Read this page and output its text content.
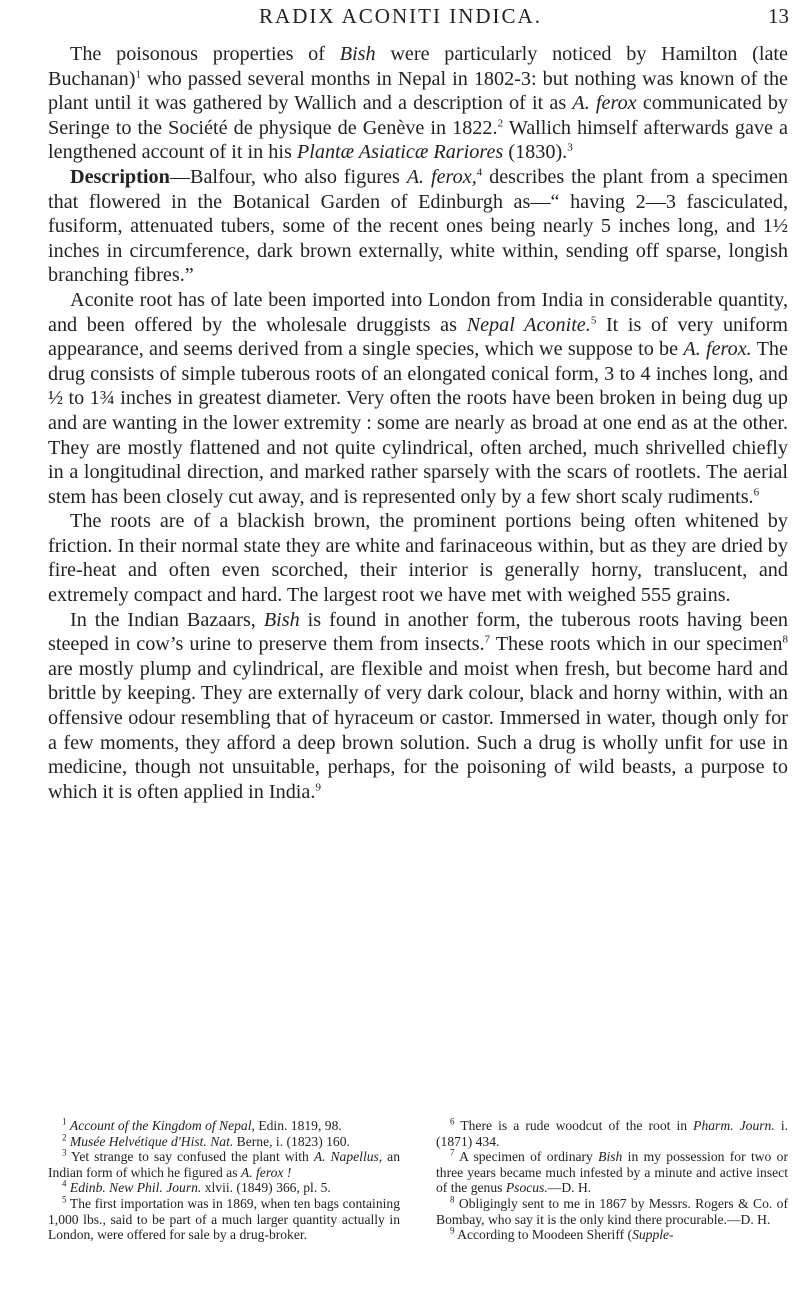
RADIX ACONITI INDICA.	13

The poisonous properties of Bish were particularly noticed by Hamilton (late Buchanan)$^1$ who passed several months in Nepal in 1802-3: but nothing was known of the plant until it was gathered by Wallich and a description of it as A. ferox communicated by Seringe to the Société de physique de Genève in 1822.$^2$ Wallich himself afterwards gave a lengthened account of it in his Plantæ Asiaticæ Rariores (1830).$^3$

Description—Balfour, who also figures A. ferox,$^4$ describes the plant from a specimen that flowered in the Botanical Garden of Edinburgh as—“ having 2—3 fasciculated, fusiform, attenuated tubers, some of the recent ones being nearly 5 inches long, and 1½ inches in circumference, dark brown externally, white within, sending off sparse, longish branching fibres.”

Aconite root has of late been imported into London from India in considerable quantity, and been offered by the wholesale druggists as Nepal Aconite.$^5$ It is of very uniform appearance, and seems derived from a single species, which we suppose to be A. ferox. The drug consists of simple tuberous roots of an elongated conical form, 3 to 4 inches long, and ½ to 1¾ inches in greatest diameter. Very often the roots have been broken in being dug up and are wanting in the lower extremity : some are nearly as broad at one end as at the other. They are mostly flattened and not quite cylindrical, often arched, much shrivelled chiefly in a longitudinal direction, and marked rather sparsely with the scars of rootlets. The aerial stem has been closely cut away, and is represented only by a few short scaly rudiments.$^6$

The roots are of a blackish brown, the prominent portions being often whitened by friction. In their normal state they are white and farinaceous within, but as they are dried by fire-heat and often even scorched, their interior is generally horny, translucent, and extremely compact and hard. The largest root we have met with weighed 555 grains.

In the Indian Bazaars, Bish is found in another form, the tuberous roots having been steeped in cow’s urine to preserve them from insects.$^7$ These roots which in our specimen$^8$ are mostly plump and cylindrical, are flexible and moist when fresh, but become hard and brittle by keeping. They are externally of very dark colour, black and horny within, with an offensive odour resembling that of hyraceum or castor. Immersed in water, though only for a few moments, they afford a deep brown solution. Such a drug is wholly unfit for use in medicine, though not unsuitable, perhaps, for the poisoning of wild beasts, a purpose to which it is often applied in India.$^9$

$^1$ Account of the Kingdom of Nepal, Edin. 1819, 98.

$^2$ Musée Helvétique d'Hist. Nat. Berne, i. (1823) 160.

$^3$ Yet strange to say confused the plant with A. Napellus, an Indian form of which he figured as A. ferox !

$^4$ Edinb. New Phil. Journ. xlvii. (1849) 366, pl. 5.

$^5$ The first importation was in 1869, when ten bags containing 1,000 lbs., said to be part of a much larger quantity actually in London, were offered for sale by a drug-broker.

$^6$ There is a rude woodcut of the root in Pharm. Journ. i. (1871) 434.

$^7$ A specimen of ordinary Bish in my possession for two or three years became much infested by a minute and active insect of the genus Psocus.—D. H.

$^8$ Obligingly sent to me in 1867 by Messrs. Rogers & Co. of Bombay, who say it is the only kind there procurable.—D. H.

$^9$ According to Moodeen Sheriff (Supple-
